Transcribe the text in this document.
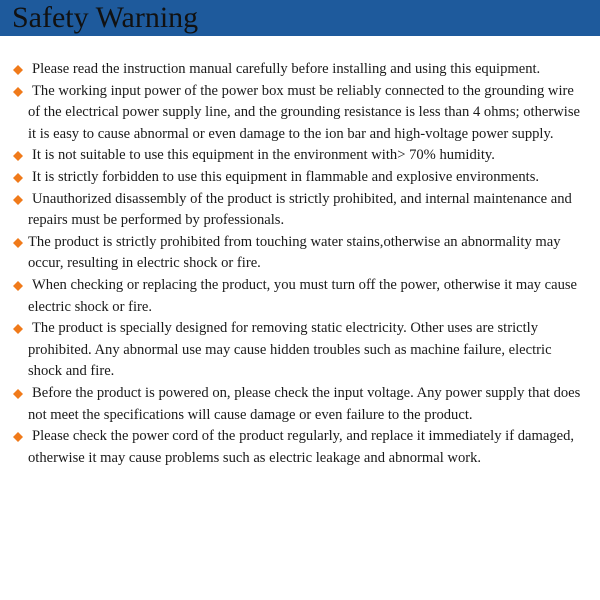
Safety Warning
Please read the instruction manual carefully before installing and using this equipment.
The working input power of the power box must be reliably connected to the grounding wire of the electrical power supply line, and the grounding resistance is less than 4 ohms; otherwise it is easy to cause abnormal or even damage to the ion bar and high-voltage power supply.
It is not suitable to use this equipment in the environment with> 70% humidity.
It is strictly forbidden to use this equipment in flammable and explosive environments.
Unauthorized disassembly of the product is strictly prohibited, and internal maintenance and repairs must be performed by professionals.
The product is strictly prohibited from touching water stains,otherwise an abnormality may occur, resulting in electric shock or fire.
When checking or replacing the product, you must turn off the power, otherwise it may cause electric shock or fire.
The product is specially designed for removing static electricity. Other uses are strictly prohibited. Any abnormal use may cause hidden troubles such as machine failure, electric shock and fire.
Before the product is powered on, please check the input voltage. Any power supply that does not meet the specifications will cause damage or even failure to the product.
Please check the power cord of the product regularly, and replace it immediately if damaged, otherwise it may cause problems such as electric leakage and abnormal work.
